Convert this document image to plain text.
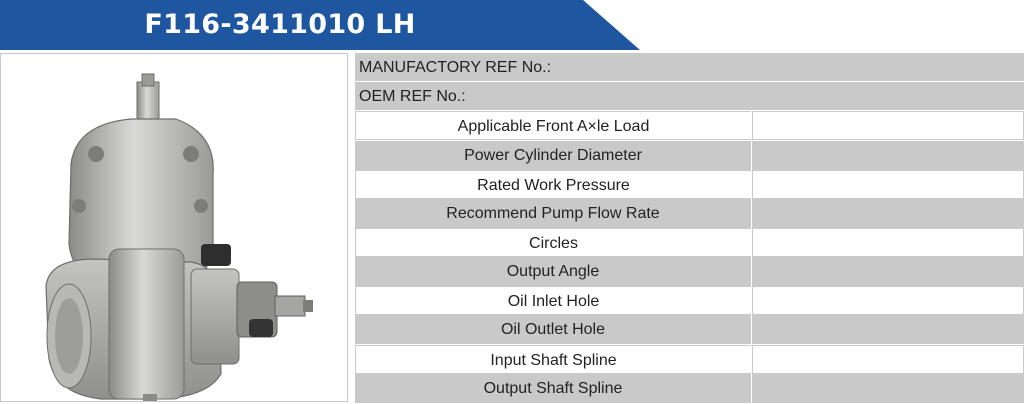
F116-3411010 LH
MANUFACTORY REF No.:
OEM REF No.:
Applicable Front A×le Load
Power Cylinder Diameter
Rated Work Pressure
Recommend Pump Flow Rate
Circles
Output Angle
Oil Inlet Hole
Oil Outlet Hole
Input Shaft Spline
Output Shaft Spline
